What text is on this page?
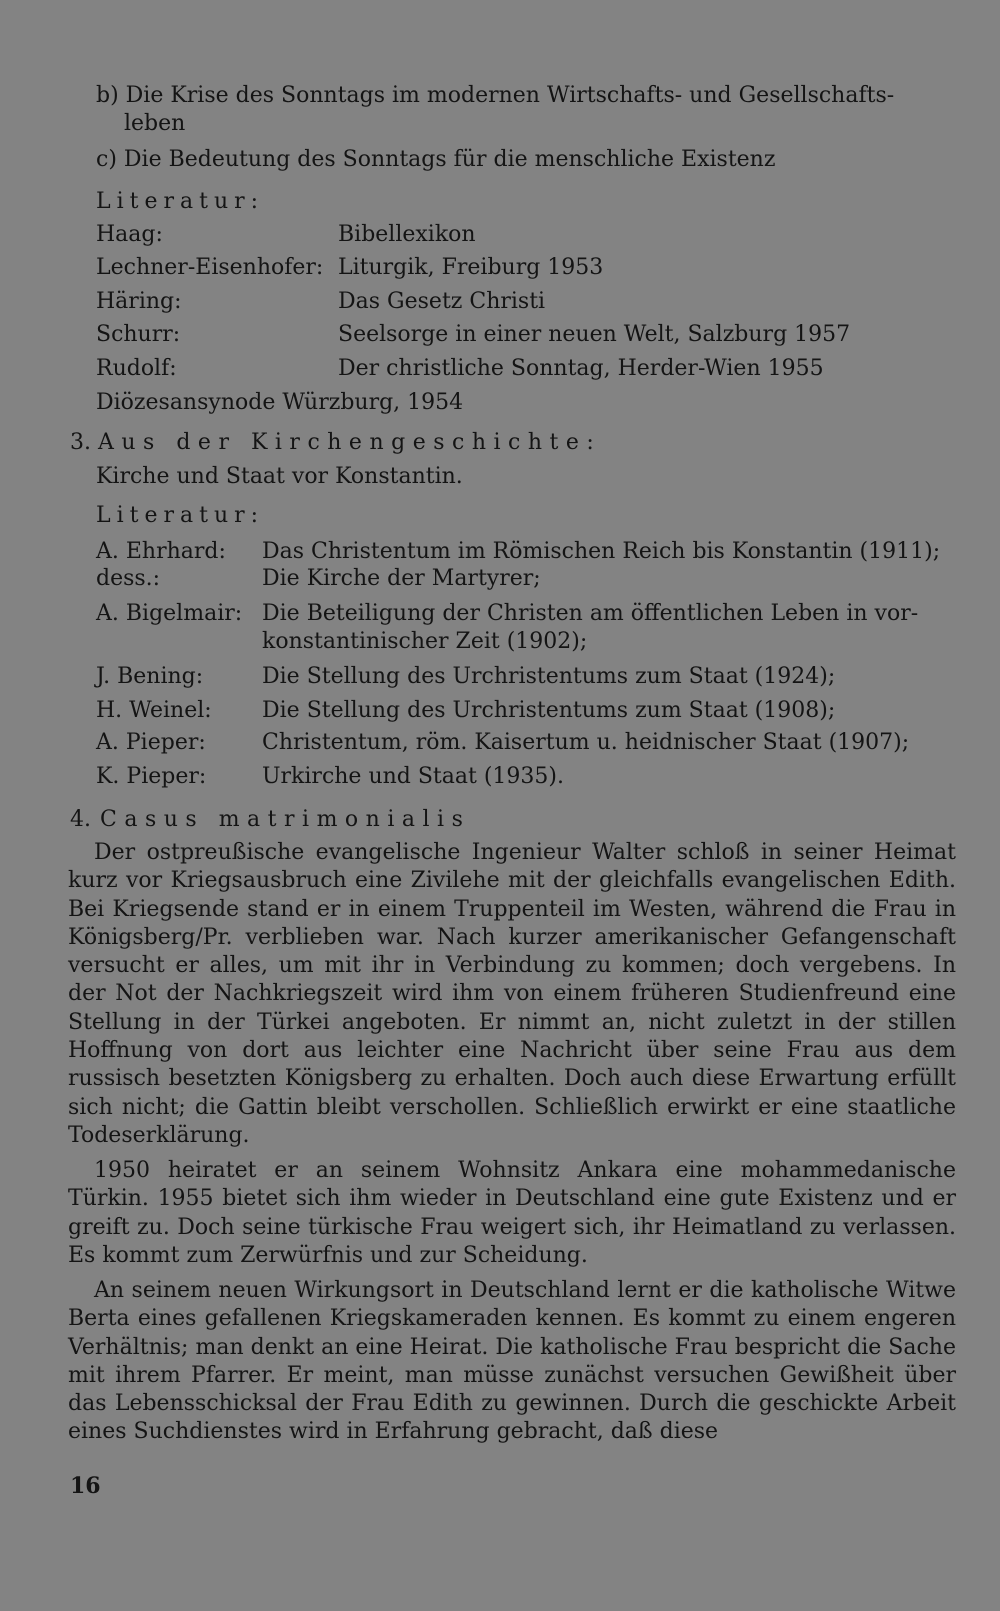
b) Die Krise des Sonntags im modernen Wirtschafts- und Gesellschafts-
leben
c) Die Bedeutung des Sonntags für die menschliche Existenz
Literatur:
Haag:	Bibellexikon
Lechner-Eisenhofer: Liturgik, Freiburg 1953
Häring:	Das Gesetz Christi
Schurr:	Seelsorge in einer neuen Welt, Salzburg 1957
Rudolf:	Der christliche Sonntag, Herder-Wien 1955
Diözesansynode Würzburg, 1954
3. Aus der Kirchengeschichte:
Kirche und Staat vor Konstantin.
Literatur:
A. Ehrhard: Das Christentum im Römischen Reich bis Konstantin (1911);
dess.:	Die Kirche der Martyrer;
A. Bigelmair: Die Beteiligung der Christen am öffentlichen Leben in vor-
konstantinischer Zeit (1902);
J. Bening:	Die Stellung des Urchristentums zum Staat (1924);
H. Weinel: Die Stellung des Urchristentums zum Staat (1908);
A. Pieper:	Christentum, röm. Kaisertum u. heidnischer Staat (1907);
K. Pieper:	Urkirche und Staat (1935).
4. Casus matrimonialis

Der ostpreußische evangelische Ingenieur Walter schloß in seiner Heimat kurz vor Kriegsausbruch eine Zivilehe mit der gleichfalls evangelischen Edith. Bei Kriegsende stand er in einem Truppenteil im Westen, während die Frau in Königsberg/Pr. verblieben war. Nach kurzer amerikanischer Gefangenschaft versucht er alles, um mit ihr in Verbindung zu kommen; doch vergebens. In der Not der Nachkriegszeit wird ihm von einem früheren Studienfreund eine Stellung in der Türkei angeboten. Er nimmt an, nicht zuletzt in der stillen Hoffnung von dort aus leichter eine Nachricht über seine Frau aus dem russisch besetzten Königsberg zu erhalten. Doch auch diese Erwartung erfüllt sich nicht; die Gattin bleibt verschollen. Schließlich erwirkt er eine staatliche Todeserklärung.

1950 heiratet er an seinem Wohnsitz Ankara eine mohammedanische Türkin. 1955 bietet sich ihm wieder in Deutschland eine gute Existenz und er greift zu. Doch seine türkische Frau weigert sich, ihr Heimatland zu verlassen. Es kommt zum Zerwürfnis und zur Scheidung.

An seinem neuen Wirkungsort in Deutschland lernt er die katholische Witwe Berta eines gefallenen Kriegskameraden kennen. Es kommt zu einem engeren Verhältnis; man denkt an eine Heirat. Die katholische Frau bespricht die Sache mit ihrem Pfarrer. Er meint, man müsse zunächst versuchen Gewißheit über das Lebensschicksal der Frau Edith zu gewinnen. Durch die geschickte Arbeit eines Suchdienstes wird in Erfahrung gebracht, daß diese

16
